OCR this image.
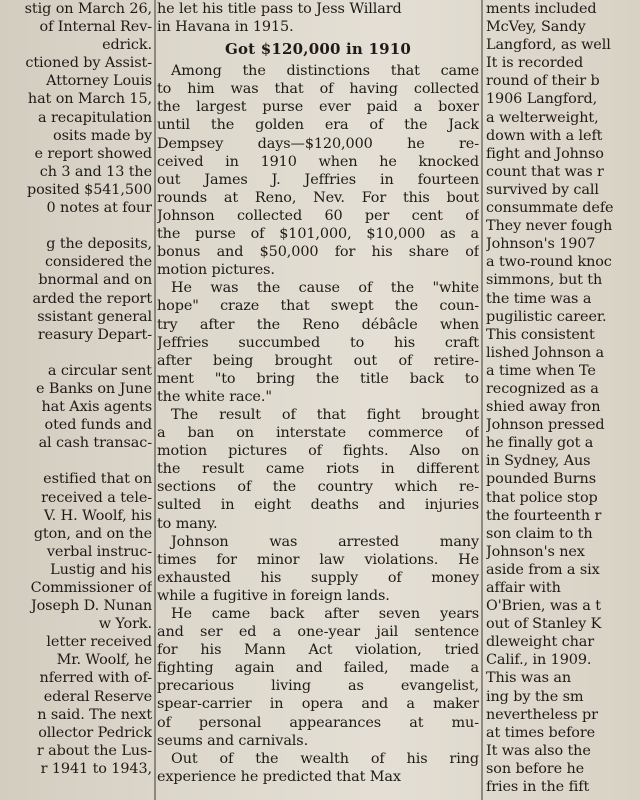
stig on March 26,
of Internal Rev-
edrick.
ctioned by Assist-
Attorney Louis
hat on March 15,
a recapitulation
osits made by
e report showed
ch 3 and 13 the
posited $541,500
0 notes at four
g the deposits,
considered the
bnormal and on
arded the report
ssistant general
reasury Depart-
a circular sent
e Banks on June
hat Axis agents
oted funds and
al cash transac-
estified that on
received a tele-
V. H. Woolf, his
gton, and on the
verbal instruc-
Lustig and his
Commissioner of
Joseph D. Nunan
w York.
letter received
Mr. Woolf, he
nferred with of-
ederal Reserve
n said. The next
ollector Pedrick
r about the Lus-
r 1941 to 1943,
he let his title pass to Jess Willard
in Havana in 1915.
Got $120,000 in 1910
Among the distinctions that came
to him was that of having collected
the largest purse ever paid a boxer
until the golden era of the Jack
Dempsey days—$120,000 he re-
ceived in 1910 when he knocked
out James J. Jeffries in fourteen
rounds at Reno, Nev. For this bout
Johnson collected 60 per cent of
the purse of $101,000, $10,000 as a
bonus and $50,000 for his share of
motion pictures.
He was the cause of the "white
hope" craze that swept the coun-
try after the Reno débâcle when
Jeffries succumbed to his craft
after being brought out of retire-
ment "to bring the title back to
the white race."
The result of that fight brought
a ban on interstate commerce of
motion pictures of fights. Also on
the result came riots in different
sections of the country which re-
sulted in eight deaths and injuries
to many.
Johnson was arrested many
times for minor law violations. He
exhausted his supply of money
while a fugitive in foreign lands.
He came back after seven years
and ser ed a one-year jail sentence
for his Mann Act violation, tried
fighting again and failed, made a
precarious living as evangelist,
spear-carrier in opera and a maker
of personal appearances at mu-
seums and carnivals.
Out of the wealth of his ring
experience he predicted that Max
ments included
McVey, Sandy
Langford, as well
It is recorded
round of their b
1906 Langford,
a welterweight,
down with a left
fight and Johnso
count that was r
survived by call
consummate defe
They never fough
Johnson's 1907
a two-round knoc
simmons, but th
the time was a
pugilistic career.
This consistent
lished Johnson a
a time when Te
recognized as a
shied away fron
Johnson pressed
he finally got a
in Sydney, Aus
pounded Burns
that police stop
the fourteenth r
son claim to th
Johnson's nex
aside from a six
affair with
O'Brien, was a t
out of Stanley K
dleweight char
Calif., in 1909.
This was an
ing by the sm
nevertheless pr
at times before
It was also the
son before he
fries in the fift
